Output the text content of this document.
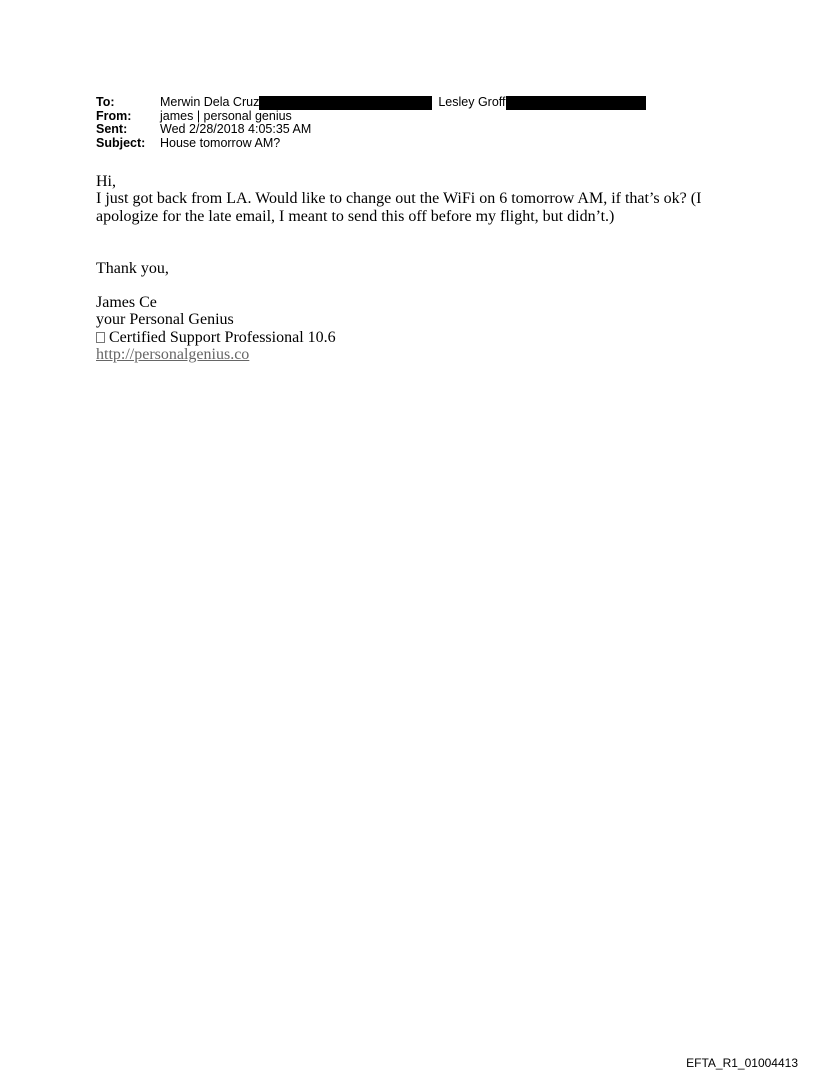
To:	Merwin Dela Cruz	Lesley Groff
From:	james | personal genius
Sent:	Wed 2/28/2018 4:05:35 AM
Subject:	House tomorrow AM?

Hi,

I just got back from LA. Would like to change out the WiFi on 6 tomorrow AM, if that’s ok? (I apologize for the late email, I meant to send this off before my flight, but didn’t.)

Thank you,

James Ce

your Personal Genius

Certified Support Professional 10.6

http://personalgenius.co

EFTA_R1_01004413
